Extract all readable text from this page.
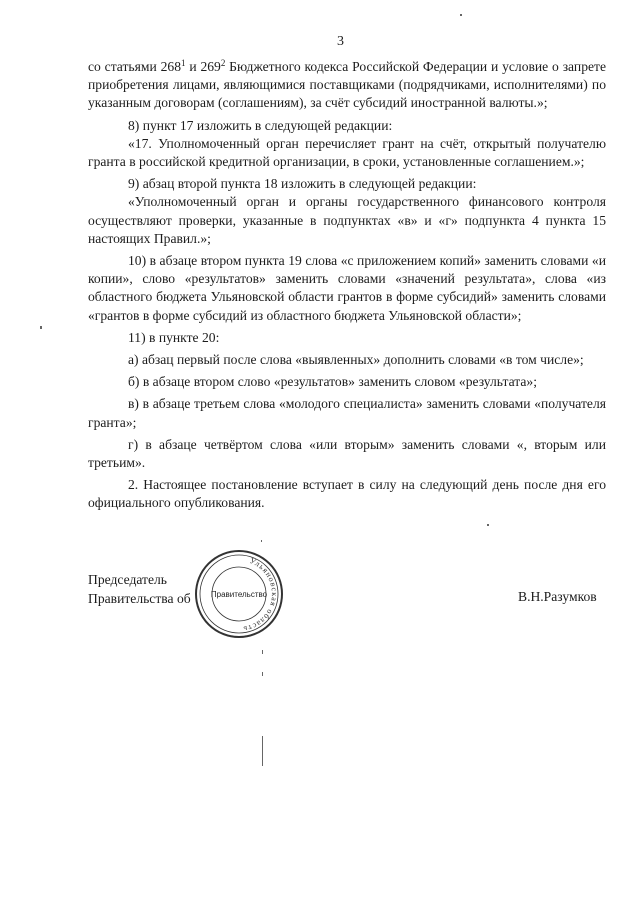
3

со статьями $268^1$ и $269^2$ Бюджетного кодекса Российской Федерации и условие о запрете приобретения лицами, являющимися поставщиками (подрядчиками, исполнителями) по указанным договорам (соглашениям), за счёт субсидий иностранной валюты.»;

8) пункт 17 изложить в следующей редакции:

«17. Уполномоченный орган перечисляет грант на счёт, открытый получателю гранта в российской кредитной организации, в сроки, установленные соглашением.»;

9) абзац второй пункта 18 изложить в следующей редакции:

«Уполномоченный орган и органы государственного финансового контроля осуществляют проверки, указанные в подпунктах «в» и «г» подпункта 4 пункта 15 настоящих Правил.»;

10) в абзаце втором пункта 19 слова «с приложением копий» заменить словами «и копии», слово «результатов» заменить словами «значений результата», слова «из областного бюджета Ульяновской области грантов в форме субсидий» заменить словами «грантов в форме субсидий из областного бюджета Ульяновской области»;

11) в пункте 20:

а) абзац первый после слова «выявленных» дополнить словами «в том числе»;

б) в абзаце втором слово «результатов» заменить словом «результата»;

в) в абзаце третьем слова «молодого специалиста» заменить словами «получателя гранта»;

г) в абзаце четвёртом слова «или вторым» заменить словами «, вторым или третьим».

2. Настоящее постановление вступает в силу на следующий день после дня его официального опубликования.

Председатель
Правительства об	В.Н.Разумков
Ульяновская область
Правительство
